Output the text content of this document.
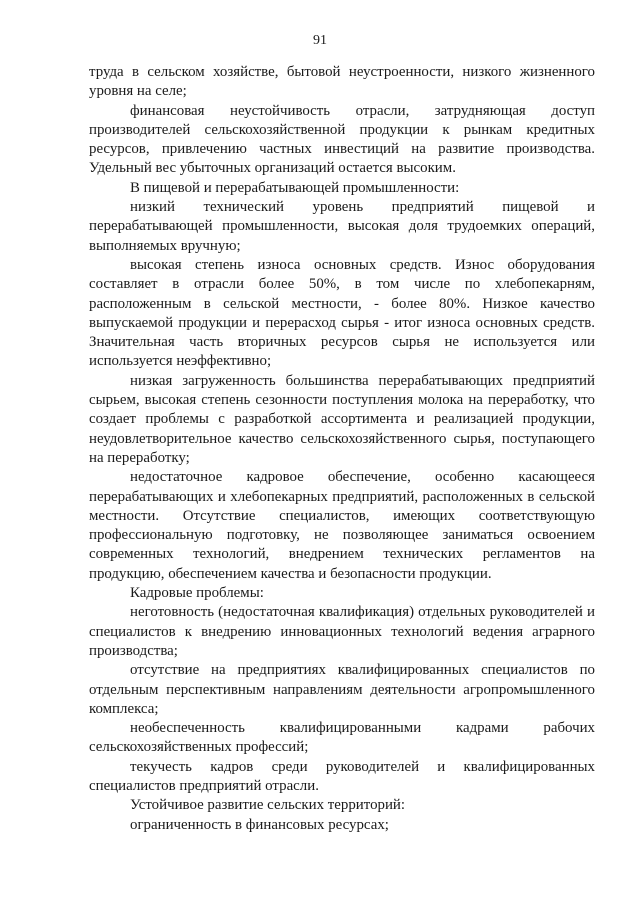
91

труда в сельском хозяйстве, бытовой неустроенности, низкого жизненного уровня на селе;

финансовая неустойчивость отрасли, затрудняющая доступ производителей сельскохозяйственной продукции к рынкам кредитных ресурсов, привлечению частных инвестиций на развитие производства. Удельный вес убыточных организаций остается высоким.

В пищевой и перерабатывающей промышленности:

низкий технический уровень предприятий пищевой и перерабатывающей промышленности, высокая доля трудоемких операций, выполняемых вручную;

высокая степень износа основных средств. Износ оборудования составляет в отрасли более 50%, в том числе по хлебопекарням, расположенным в сельской местности, - более 80%. Низкое качество выпускаемой продукции и перерасход сырья - итог износа основных средств. Значительная часть вторичных ресурсов сырья не используется или используется неэффективно;

низкая загруженность большинства перерабатывающих предприятий сырьем, высокая степень сезонности поступления молока на переработку, что создает проблемы с разработкой ассортимента и реализацией продукции, неудовлетворительное качество сельскохозяйственного сырья, поступающего на переработку;

недостаточное кадровое обеспечение, особенно касающееся перерабатывающих и хлебопекарных предприятий, расположенных в сельской местности. Отсутствие специалистов, имеющих соответствующую профессиональную подготовку, не позволяющее заниматься освоением современных технологий, внедрением технических регламентов на продукцию, обеспечением качества и безопасности продукции.

Кадровые проблемы:

неготовность (недостаточная квалификация) отдельных руководителей и специалистов к внедрению инновационных технологий ведения аграрного производства;

отсутствие на предприятиях квалифицированных специалистов по отдельным перспективным направлениям деятельности агропромышленного комплекса;

необеспеченность квалифицированными кадрами рабочих сельскохозяйственных профессий;

текучесть кадров среди руководителей и квалифицированных специалистов предприятий отрасли.

Устойчивое развитие сельских территорий:

ограниченность в финансовых ресурсах;
